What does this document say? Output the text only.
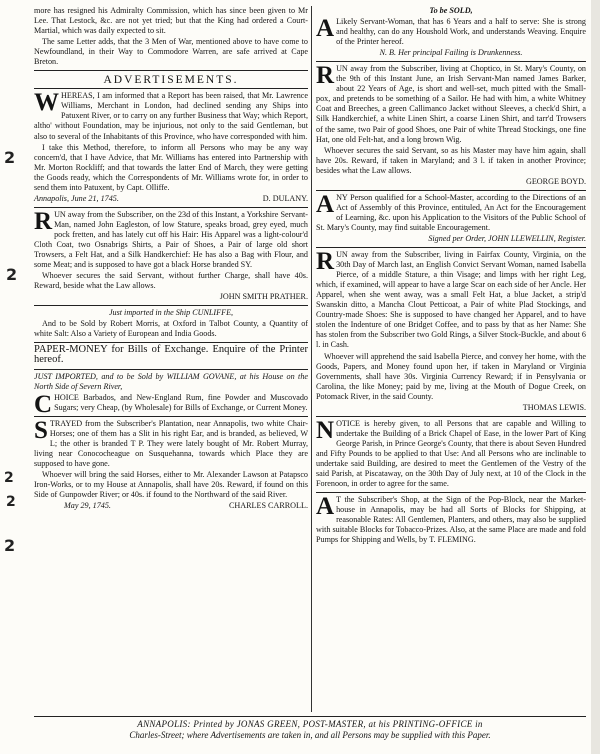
2
2
2
2
2

more has resigned his Admiralty Commission, which has since been given to Mr Lee. That Lestock, &c. are not yet tried; but that the King had ordered a Court-Martial, which was daily expected to sit.

The same Letter adds, that the 3 Men of War, mentioned above to have come to Newfoundland, in their Way to Commodore Warren, are safe arrived at Cape Breton.

ADVERTISEMENTS.

WHEREAS, I am informed that a Report has been raised, that Mr. Lawrence Williams, Merchant in London, had declined sending any Ships into Patuxent River, or to carry on any further Business that Way; which Report, altho' without Foundation, may be injurious, not only to the said Gentleman, but also to several of the Inhabitants of this Province, who have corresponded with him.

I take this Method, therefore, to inform all Persons who may be any way concern'd, that I have Advice, that Mr. Williams has entered into Partnership with Mr. Morton Rockliff; and that towards the latter End of March, they were getting the Goods ready, which the Correspondents of Mr. Williams wrote for, in order to send them into Patuxent, by Capt. Olliffe.

Annapolis, June 21, 1745.	D. DULANY.

RUN away from the Subscriber, on the 23d of this Instant, a Yorkshire Servant-Man, named John Eagleston, of low Stature, speaks broad, grey eyed, much pock fretten, and has lately cut off his Hair: His Apparel was a light-colour'd Cloth Coat, two Osnabrigs Shirts, a Pair of Shoes, a Pair of large old short Trowsers, a Felt Hat, and a Silk Handkerchief: He has also a Bag with Flour, and some Meat; and is supposed to have got a black Horse branded SY.

Whoever secures the said Servant, without further Charge, shall have 40s. Reward, beside what the Law allows.

JOHN SMITH PRATHER.

Just imported in the Ship CUNLIFFE,

And to be Sold by Robert Morris, at Oxford in Talbot County, a Quantity of white Salt: Also a Variety of European and India Goods.

PAPER-MONEY for Bills of Exchange. Enquire of the Printer hereof.

JUST IMPORTED, and to be Sold by WILLIAM GOVANE, at his House on the North Side of Severn River,

CHOICE Barbados, and New-England Rum, fine Powder and Muscovado Sugars; very Cheap, (by Wholesale) for Bills of Exchange, or Current Money.

STRAYED from the Subscriber's Plantation, near Annapolis, two white Chair-Horses; one of them has a Slit in his right Ear, and is branded, as believed, W L; the other is branded T P. They were lately bought of Mr. Robert Murray, living near Conococheague on Susquehanna, towards which Place they are supposed to have gone.

Whoever will bring the said Horses, either to Mr. Alexander Lawson at Patapsco Iron-Works, or to my House at Annapolis, shall have 20s. Reward, if found on this Side of Gunpowder River; or 40s. if found to the Northward of the said River.

May 29, 1745.	CHARLES CARROLL.

To be SOLD,

A Likely Servant-Woman, that has 6 Years and a half to serve: She is strong and healthy, can do any Houshold Work, and understands Weaving. Enquire of the Printer hereof.

N. B. Her principal Failing is Drunkenness.

RUN away from the Subscriber, living at Choptico, in St. Mary's County, on the 9th of this Instant June, an Irish Servant-Man named James Barker, about 22 Years of Age, is short and well-set, much pitted with the Small-pox, and pretends to be something of a Sailor. He had with him, a white Whitney Coat and Breeches, a green Callimanco Jacket without Sleeves, a check'd Shirt, a Silk Handkerchief, a white Linen Shirt, a coarse Linen Shirt, and tarr'd Trowsers of the same, two Pair of good Shoes, one Pair of white Thread Stockings, one fine Hat, one old Felt-hat, and a long brown Wig.

Whoever secures the said Servant, so as his Master may have him again, shall have 20s. Reward, if taken in Maryland; and 3 l. if taken in another Province; besides what the Law allows.

GEORGE BOYD.

ANY Person qualified for a School-Master, according to the Directions of an Act of Assembly of this Province, entituled, An Act for the Encouragement of Learning, &c. upon his Application to the Visitors of the Public School of St. Mary's County, may find suitable Encouragement.

Signed per Order, JOHN LLEWELLIN, Register.

RUN away from the Subscriber, living in Fairfax County, Virginia, on the 30th Day of March last, an English Convict Servant Woman, named Isabella Pierce, of a middle Stature, a thin Visage; and limps with her right Leg, which, if examined, will appear to have a large Scar on each side of her Ancle. Her Apparel, when she went away, was a small Felt Hat, a blue Jacket, a strip'd Swanskin ditto, a Mancha Clout Petticoat, a Pair of white Plad Stockings, and Country-made Shoes: She is supposed to have changed her Apparel, and to have stolen the Indenture of one Bridget Coffee, and to pass by that as her Name: She has stolen from the Subscriber two Gold Rings, a Silver Stock-Buckle, and about 6 l. in Cash.

Whoever will apprehend the said Isabella Pierce, and convey her home, with the Goods, Papers, and Money found upon her, if taken in Maryland or Virginia Governments, shall have 30s. Virginia Currency Reward; if in Pensylvania or Carolina, the like Money; paid by me, living at the Mouth of Dogue Creek, on Potomack River, in the said County.

THOMAS LEWIS.

NOTICE is hereby given, to all Persons that are capable and Willing to undertake the Building of a Brick Chapel of Ease, in the lower Part of King George Parish, in Prince George's County, that there is about Seven Hundred and Fifty Pounds to be applied to that Use: And all Persons who are inclinable to undertake said Building, are desired to meet the Gentlemen of the Vestry of the said Parish, at Piscataway, on the 30th Day of July next, at 10 of the Clock in the Forenoon, in order to agree for the same.

A T the Subscriber's Shop, at the Sign of the Pop-Block, near the Market-house in Annapolis, may be had all Sorts of Blocks for Shipping, at reasonable Rates: All Gentlemen, Planters, and others, may also be supplied with suitable Blocks for Tobacco-Prizes. Also, at the same Place are made and fold Pumps for Shipping and Wells, by T. FLEMING.

ANNAPOLIS: Printed by JONAS GREEN, POST-MASTER, at his PRINTING-OFFICE in
Charles-Street; where Advertisements are taken in, and all Persons may be supplied with this Paper.
